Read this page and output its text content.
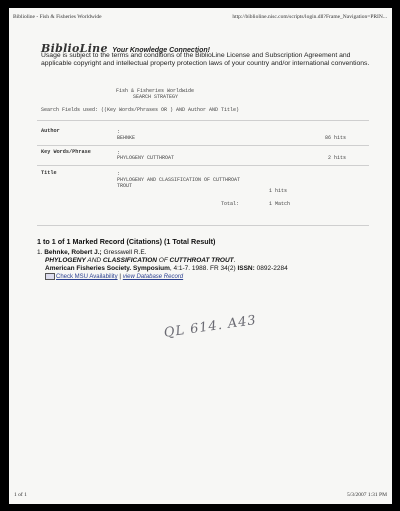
Biblioline - Fish & Fisheries Worldwide	http://biblioline.nisc.com/scripts/login.dll?Frame_Navigation=PRIN...
BiblioLine Your Knowledge Connection!
Usage is subject to the terms and conditions of the BiblioLine License and Subscription Agreement and applicable copyright and intellectual property protection laws of your country and/or international conventions.
Fish & Fisheries Worldwide
SEARCH STRATEGY
Search Fields used: ((Key Words/Phrases OR ) AND Author AND Title)
Author	:
BEHNKE	86 hits
Key Words/Phrase	:
PHYLOGENY CUTTHROAT	2 hits
Title	:
PHYLOGENY AND CLASSIFICATION OF CUTTHROAT
TROUT
1 hits
Total:	1 Match
1 to 1 of 1 Marked Record (Citations) (1 Total Result)
1. Behnke, Robert J.; Gresswell R.E.
PHYLOGENY AND CLASSIFICATION OF CUTTHROAT TROUT.
American Fisheries Society. Symposium, 4:1-7. 1988. FR 34(2) ISSN: 0892-2284
Check MSU Availability | view Database Record
QL 614. A43
1 of 1	5/3/2007 1:31 PM
